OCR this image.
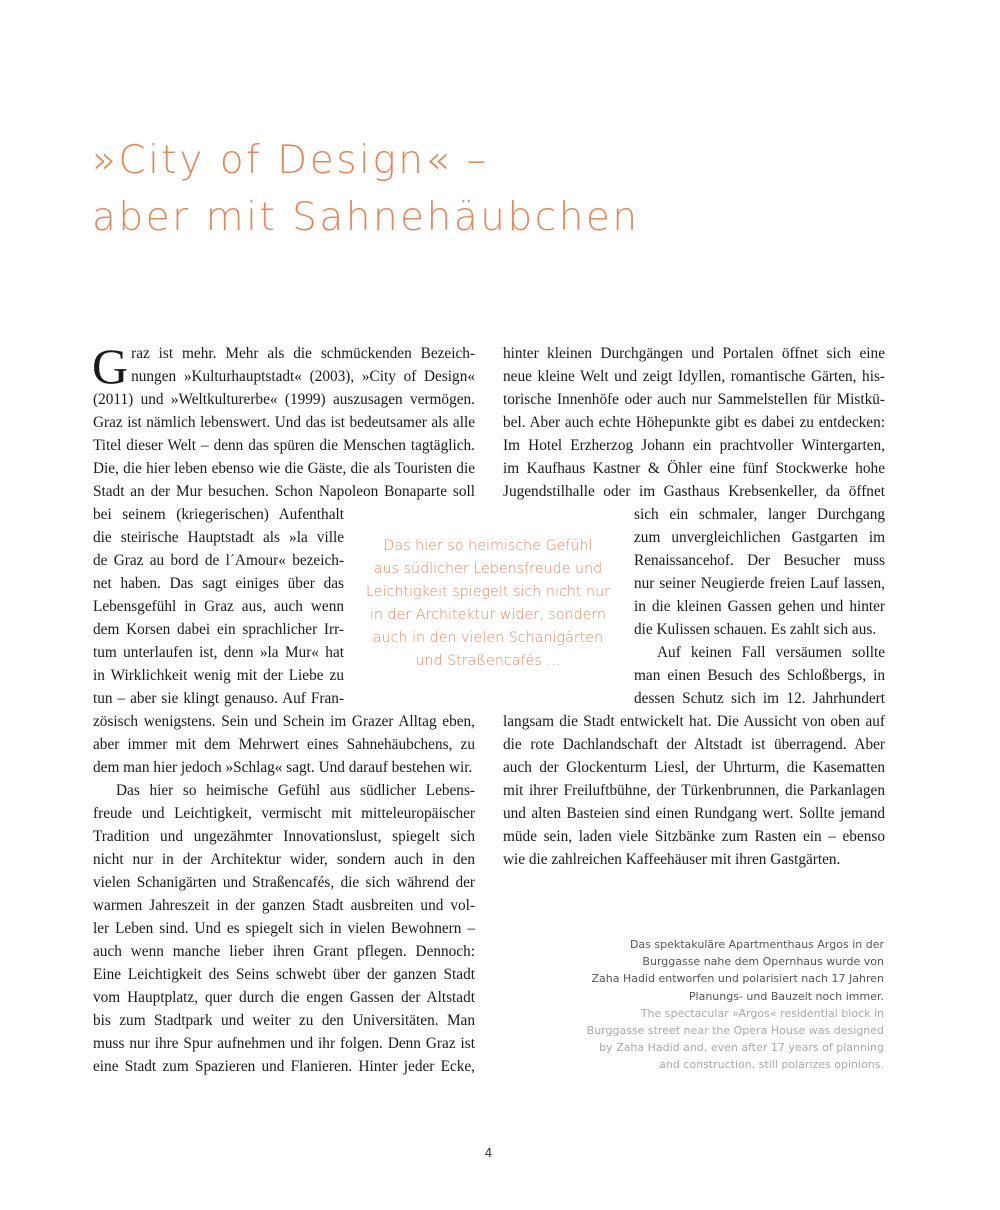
»City of Design« –
aber mit Sahnehäubchen
G raz ist mehr. Mehr als die schmückenden Bezeich-
nungen »Kulturhauptstadt« (2003), »City of Design«
(2011) und »Weltkulturerbe« (1999) auszusagen vermögen.
Graz ist nämlich lebenswert. Und das ist bedeutsamer als alle
Titel dieser Welt – denn das spüren die Menschen tagtäglich.
Die, die hier leben ebenso wie die Gäste, die als Touristen die
Stadt an der Mur besuchen. Schon Napoleon Bonaparte soll
bei seinem (kriegerischen) Aufenthalt
die steirische Hauptstadt als »la ville
de Graz au bord de l´Amour« bezeich-
net haben. Das sagt einiges über das
Lebensgefühl in Graz aus, auch wenn
dem Korsen dabei ein sprachlicher Irr-
tum unterlaufen ist, denn »la Mur« hat
in Wirklichkeit wenig mit der Liebe zu
tun – aber sie klingt genauso. Auf Fran-
zösisch wenigstens. Sein und Schein im Grazer Alltag eben,
aber immer mit dem Mehrwert eines Sahnehäubchens, zu
dem man hier jedoch »Schlag« sagt. Und darauf bestehen wir.
Das hier so heimische Gefühl aus südlicher Lebens-
freude und Leichtigkeit, vermischt mit mitteleuropäischer
Tradition und ungezähmter Innovationslust, spiegelt sich
nicht nur in der Architektur wider, sondern auch in den
vielen Schanigärten und Straßencafés, die sich während der
warmen Jahreszeit in der ganzen Stadt ausbreiten und vol-
ler Leben sind. Und es spiegelt sich in vielen Bewohnern –
auch wenn manche lieber ihren Grant pflegen. Dennoch:
Eine Leichtigkeit des Seins schwebt über der ganzen Stadt
vom Hauptplatz, quer durch die engen Gassen der Altstadt
bis zum Stadtpark und weiter zu den Universitäten. Man
muss nur ihre Spur aufnehmen und ihr folgen. Denn Graz ist
eine Stadt zum Spazieren und Flanieren. Hinter jeder Ecke,
hinter kleinen Durchgängen und Portalen öffnet sich eine
neue kleine Welt und zeigt Idyllen, romantische Gärten, his-
torische Innenhöfe oder auch nur Sammelstellen für Mistkü-
bel. Aber auch echte Höhepunkte gibt es dabei zu entdecken:
Im Hotel Erzherzog Johann ein prachtvoller Wintergarten,
im Kaufhaus Kastner & Öhler eine fünf Stockwerke hohe
Jugendstilhalle oder im Gasthaus Krebsenkeller, da öffnet
sich ein schmaler, langer Durchgang
zum unvergleichlichen Gastgarten im
Renaissancehof. Der Besucher muss
nur seiner Neugierde freien Lauf lassen,
in die kleinen Gassen gehen und hinter
die Kulissen schauen. Es zahlt sich aus.
Auf keinen Fall versäumen sollte
man einen Besuch des Schloßbergs, in
dessen Schutz sich im 12. Jahrhundert
langsam die Stadt entwickelt hat. Die Aussicht von oben auf
die rote Dachlandschaft der Altstadt ist überragend. Aber
auch der Glockenturm Liesl, der Uhrturm, die Kasematten
mit ihrer Freiluftbühne, der Türkenbrunnen, die Parkanlagen
und alten Basteien sind einen Rundgang wert. Sollte jemand
müde sein, laden viele Sitzbänke zum Rasten ein – ebenso
wie die zahlreichen Kaffeehäuser mit ihren Gastgärten.
Das hier so heimische Gefühl
aus südlicher Lebensfreude und
Leichtigkeit spiegelt sich nicht nur
in der Architektur wider, sondern
auch in den vielen Schanigärten
und Straßencafés …
Das spektakuläre Apartmenthaus Argos in der
Burggasse nahe dem Opernhaus wurde von
Zaha Hadid entworfen und polarisiert nach 17 Jahren
Planungs- und Bauzeit noch immer.
The spectacular »Argos« residential block in
Burggasse street near the Opera House was designed
by Zaha Hadid and, even after 17 years of planning
and construction, still polarizes opinions.
4
